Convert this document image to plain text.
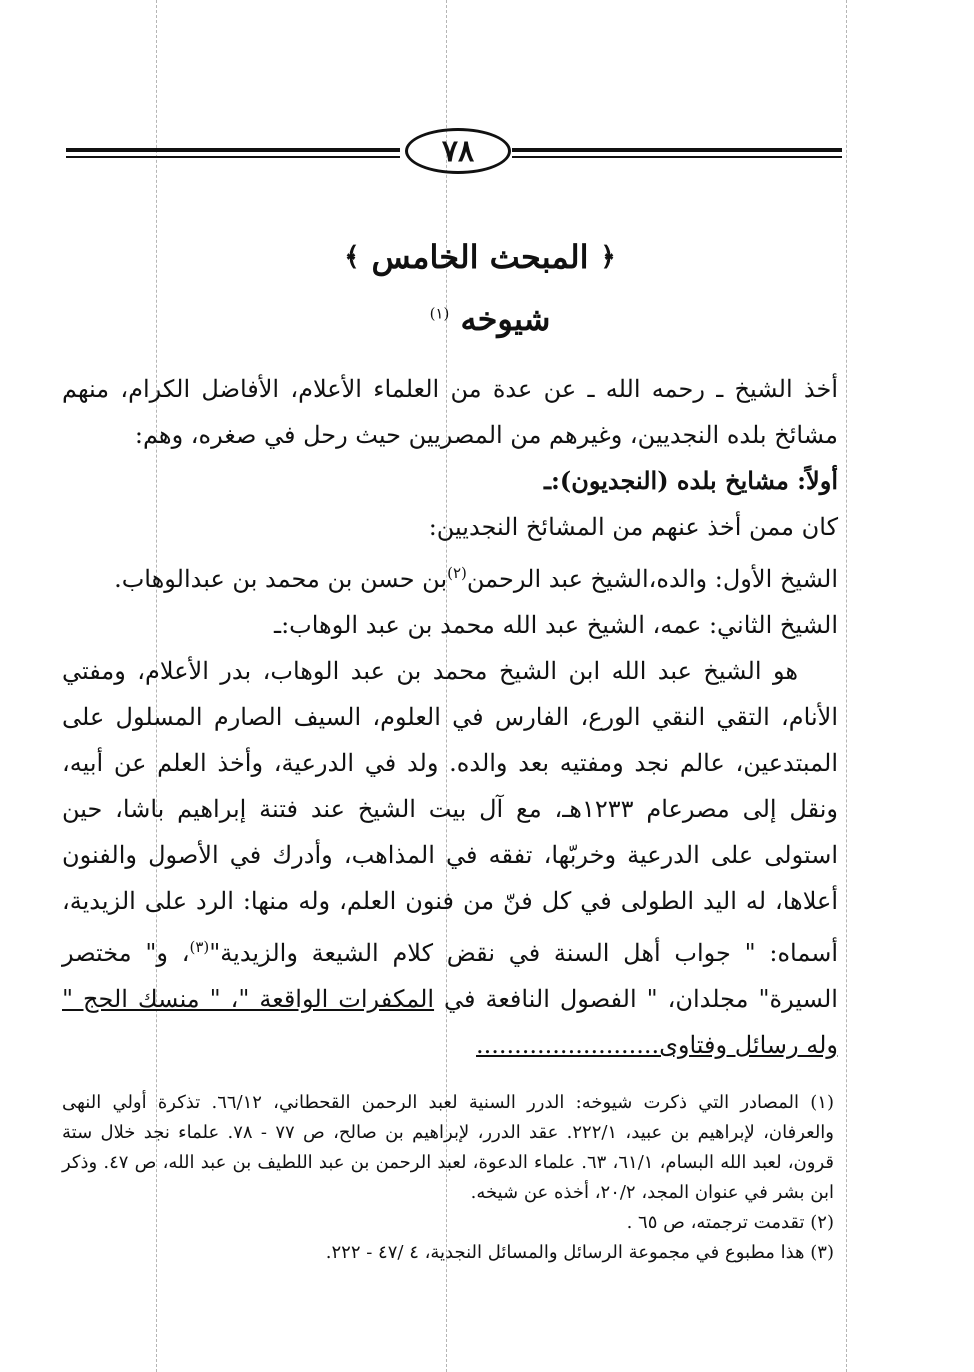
٧٨
﴿
المبحث الخامس
﴾
شيوخه $^{(١)}$

أخذ الشيخ ـ رحمه الله ـ عن عدة من العلماء الأعلام، الأفاضل الكرام، منهم مشائخ بلده النجديين، وغيرهم من المصريين حيث رحل في صغره، وهم:

أولاً: مشايخ بلده (النجديون):ـ

كان ممن أخذ عنهم من المشائخ النجديين:

الشيخ الأول: والده،الشيخ عبد الرحمن$^{(٢)}$بن حسن بن محمد بن عبدالوهاب.

الشيخ الثاني: عمه، الشيخ عبد الله محمد بن عبد الوهاب:ـ

هو الشيخ عبد الله ابن الشيخ محمد بن عبد الوهاب، بدر الأعلام، ومفتي الأنام، التقي النقي الورع، الفارس في العلوم، السيف الصارم المسلول على المبتدعين، عالم نجد ومفتيه بعد والده. ولد في الدرعية، وأخذ العلم عن أبيه، ونقل إلى مصرعام ١٢٣٣هـ، مع آل بيت الشيخ عند فتنة إبراهيم باشا، حين استولى على الدرعية وخربّها، تفقه في المذاهب، وأدرك في الأصول والفنون أعلاها، له اليد الطولى في كل فنّ من فنون العلم، وله منها: الرد على الزيدية، أسماه: " جواب أهل السنة في نقض كلام الشيعة والزيدية"$^{(٣)}$، و" مختصر السيرة" مجلدان، " الفصول النافعة في المكفرات الواقعة "، " منسك الحج " وله رسائل وفتاوى........................

(١) المصادر التي ذكرت شيوخه: الدرر السنية لعبد الرحمن القحطاني، ٦٦/١٢. تذكرة أولي النهى والعرفان، لإبراهيم بن عبيد، ٢٢٢/١. عقد الدرر، لإبراهيم بن صالح، ص ٧٧ - ٧٨. علماء نجد خلال ستة قرون، لعبد الله البسام، ٦١/١، ٦٣. علماء الدعوة، لعبد الرحمن بن عبد اللطيف بن عبد الله، ص ٤٧. وذكر ابن بشر في عنوان المجد، ٢٠/٢، أخذه عن شيخه.

(٢) تقدمت ترجمته، ص ٦٥ .

(٣) هذا مطبوع في مجموعة الرسائل والمسائل النجدية، ٤ /٤٧ - ٢٢٢.
